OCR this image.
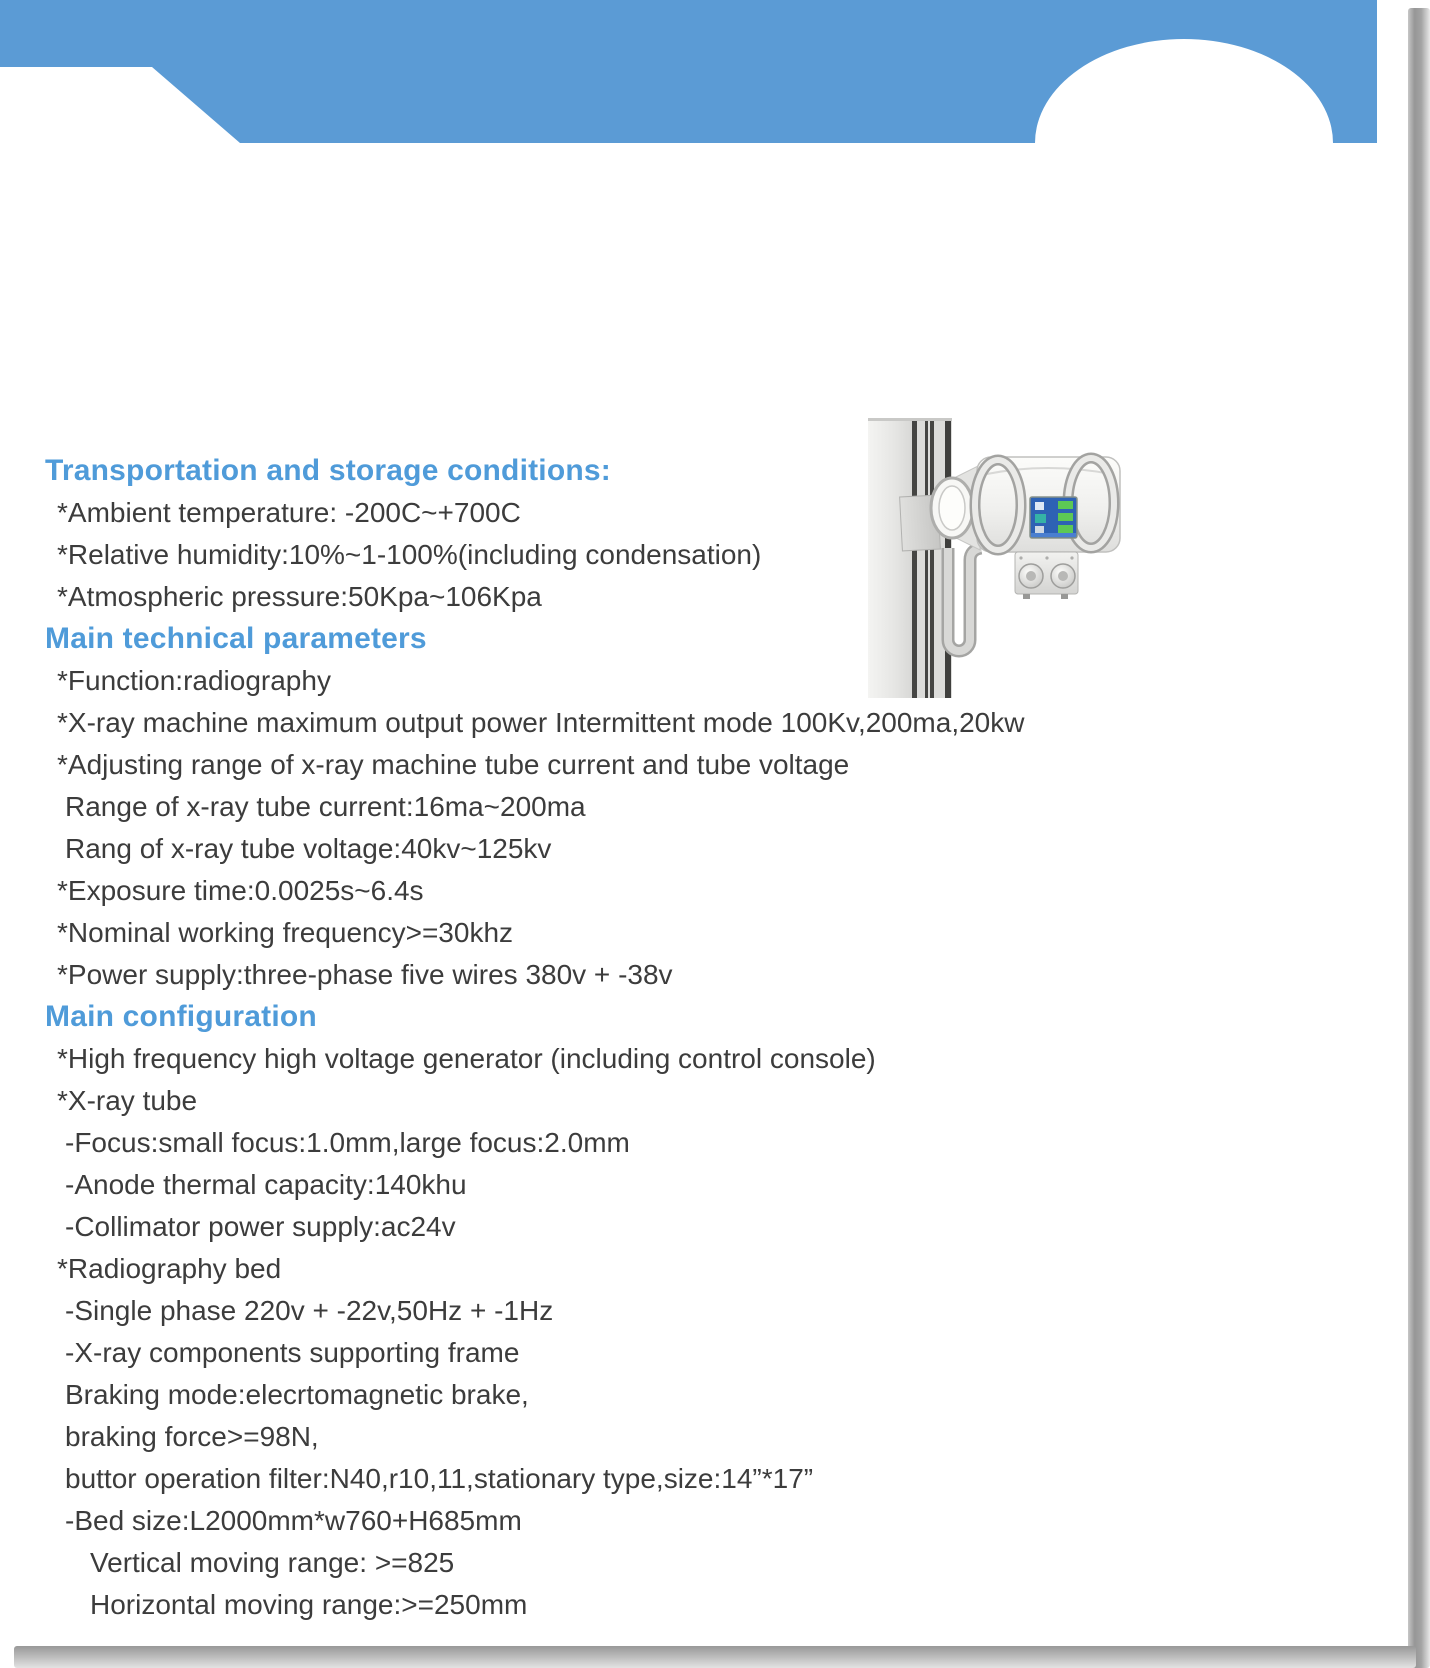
Transportation and storage conditions:
*Ambient temperature: -200C~+700C
*Relative humidity:10%~1-100%(including condensation)
*Atmospheric pressure:50Kpa~106Kpa
Main technical parameters
*Function:radiography
*X-ray machine maximum output power Intermittent mode 100Kv,200ma,20kw
*Adjusting range of x-ray machine tube current and tube voltage
Range of x-ray tube current:16ma~200ma
Rang of x-ray tube voltage:40kv~125kv
*Exposure time:0.0025s~6.4s
*Nominal working frequency>=30khz
*Power supply:three-phase five wires 380v + -38v
Main configuration
*High frequency high voltage generator (including control console)
*X-ray tube
-Focus:small focus:1.0mm,large focus:2.0mm
-Anode thermal capacity:140khu
-Collimator power supply:ac24v
*Radiography bed
-Single phase 220v + -22v,50Hz + -1Hz
-X-ray components supporting frame
Braking mode:elecrtomagnetic brake,
braking force>=98N,
buttor operation filter:N40,r10,11,stationary type,size:14”*17”
-Bed size:L2000mm*w760+H685mm
Vertical moving range: >=825
Horizontal moving range:>=250mm
